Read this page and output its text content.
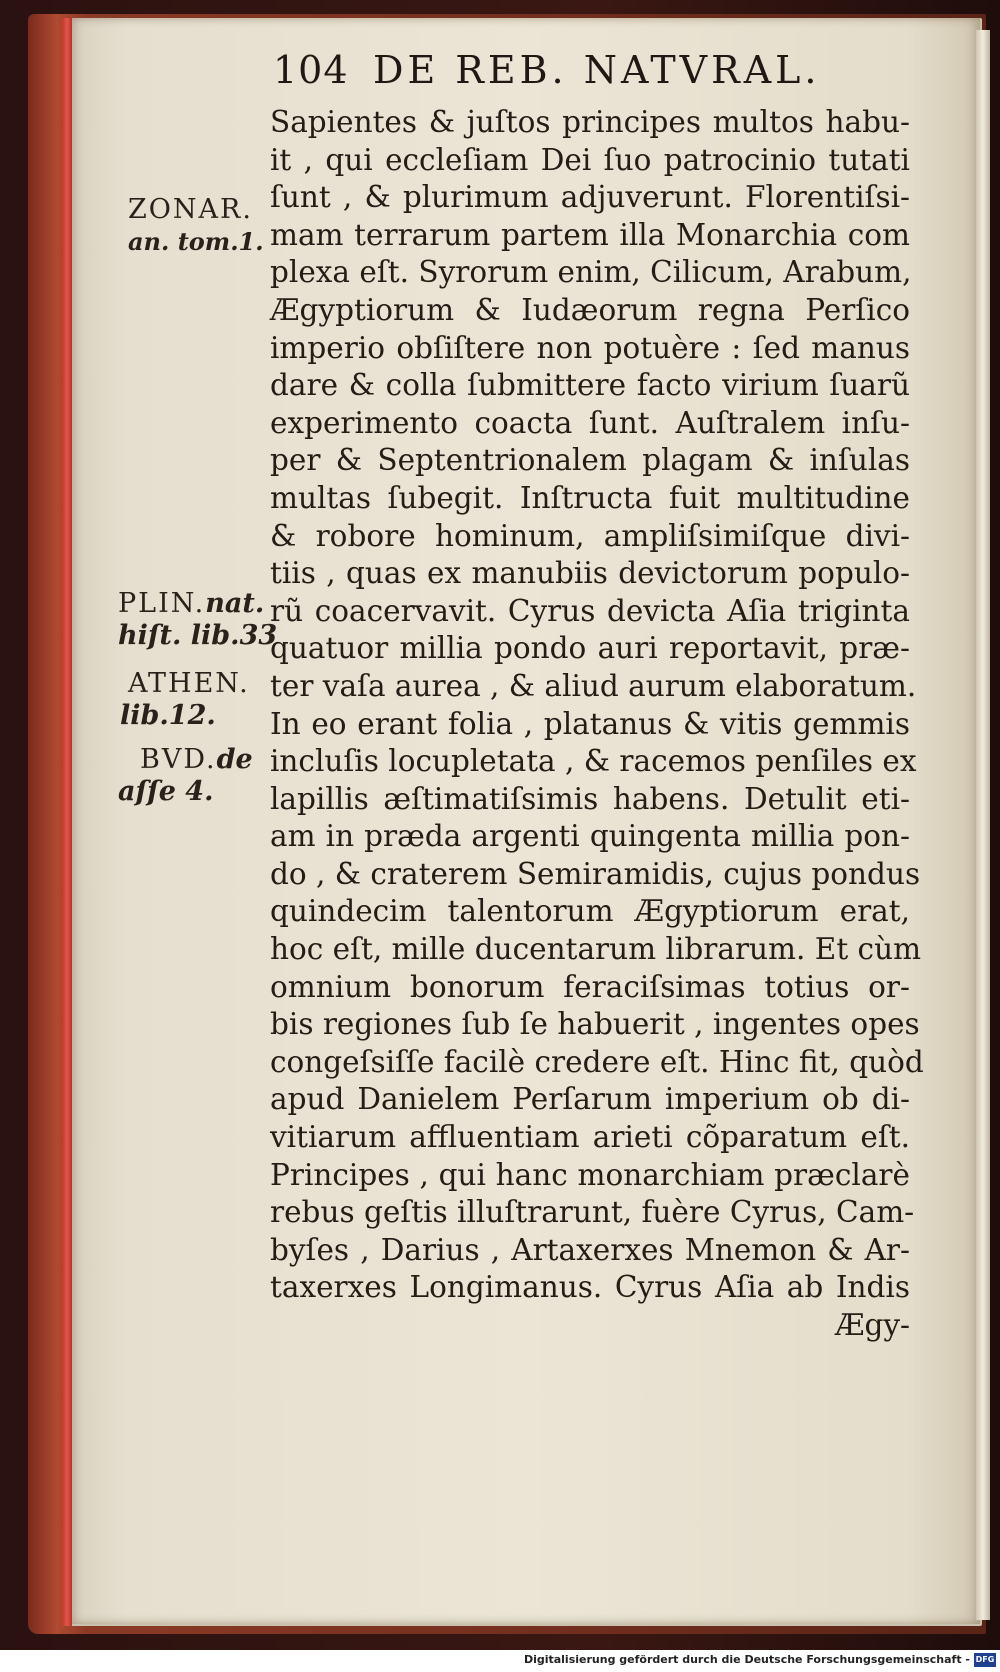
104 DE REB. NATVRAL.
Sapientes & juſtos principes multos habu-
it , qui eccleſiam Dei ſuo patrocinio tutati
ſunt , & plurimum adjuverunt. Florentiſsi-
mam terrarum partem illa Monarchia com
plexa eſt. Syrorum enim, Cilicum, Arabum,
Ægyptiorum & Iudæorum regna Perſico
imperio obſiſtere non potuère : ſed manus
dare & colla ſubmittere facto virium ſuarũ
experimento coacta ſunt. Auſtralem inſu-
per & Septentrionalem plagam & inſulas
multas ſubegit. Inſtructa fuit multitudine
& robore hominum, ampliſsimiſque divi-
tiis , quas ex manubiis devictorum populo-
rũ coacervavit. Cyrus devicta Aſia triginta
quatuor millia pondo auri reportavit, præ-
ter vaſa aurea , & aliud aurum elaboratum.
In eo erant folia , platanus & vitis gemmis
incluſis locupletata , & racemos penſiles ex
lapillis æſtimatiſsimis habens. Detulit eti-
am in præda argenti quingenta millia pon-
do , & craterem Semiramidis, cujus pondus
quindecim talentorum Ægyptiorum erat,
hoc eſt, mille ducentarum librarum. Et cùm
omnium bonorum feraciſsimas totius or-
bis regiones ſub ſe habuerit , ingentes opes
congeſsiſſe facilè credere eſt. Hinc fit, quòd
apud Danielem Perſarum imperium ob di-
vitiarum affluentiam arieti cõparatum eſt.
Principes , qui hanc monarchiam præclarè
rebus geſtis illuſtrarunt, fuère Cyrus, Cam-
byſes , Darius , Artaxerxes Mnemon & Ar-
taxerxes Longimanus. Cyrus Aſia ab Indis
Ægy-
ZONAR.
an. tom.1.
PLIN.nat.
hiſt. lib.33
ATHEN.
lib.12.
BVD.de
aſſe 4.
Digitalisierung gefördert durch die Deutsche Forschungsgemeinschaft - DFG
